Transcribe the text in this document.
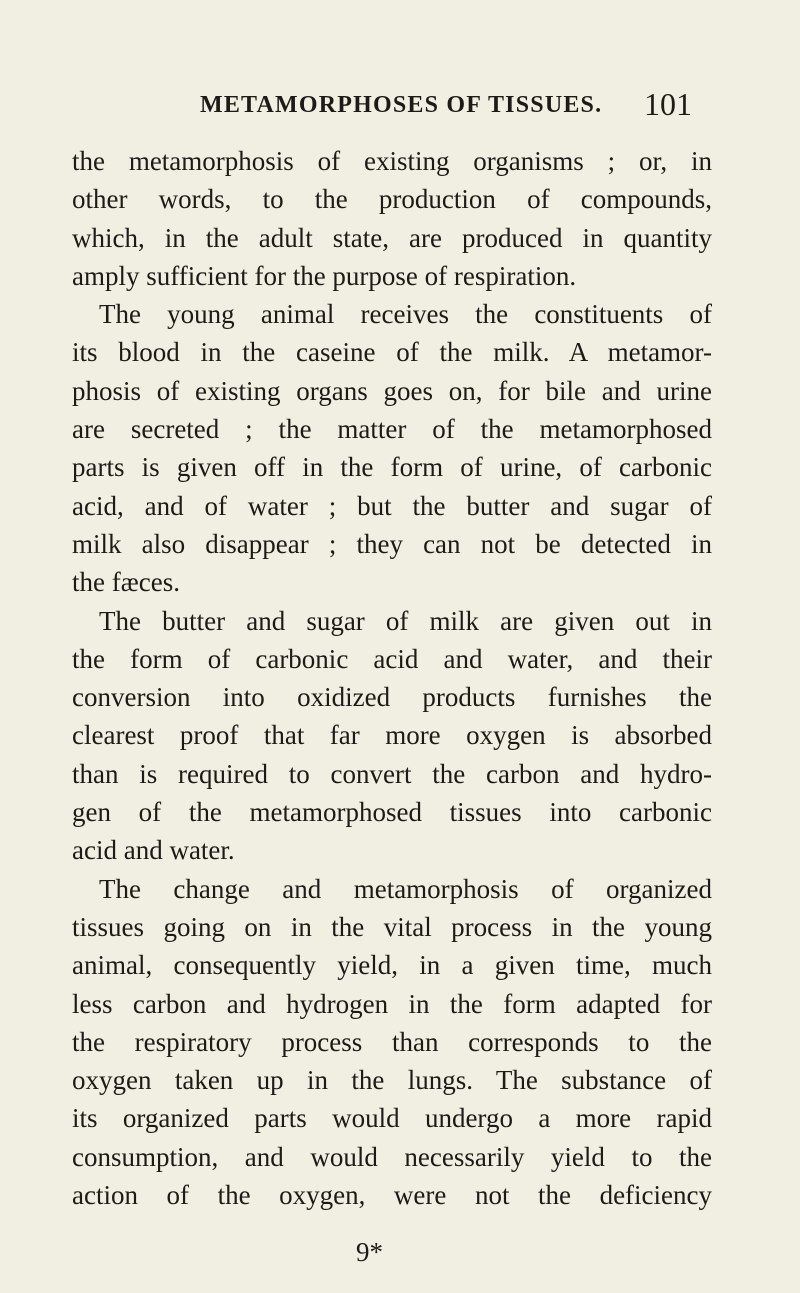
METAMORPHOSES OF TISSUES. 101
the metamorphosis of existing organisms ; or, in
other words, to the production of compounds,
which, in the adult state, are produced in quantity
amply sufficient for the purpose of respiration.
The young animal receives the constituents of
its blood in the caseine of the milk. A metamor-
phosis of existing organs goes on, for bile and urine
are secreted ; the matter of the metamorphosed
parts is given off in the form of urine, of carbonic
acid, and of water ; but the butter and sugar of
milk also disappear ; they can not be detected in
the fæces.
The butter and sugar of milk are given out in
the form of carbonic acid and water, and their
conversion into oxidized products furnishes the
clearest proof that far more oxygen is absorbed
than is required to convert the carbon and hydro-
gen of the metamorphosed tissues into carbonic
acid and water.
The change and metamorphosis of organized
tissues going on in the vital process in the young
animal, consequently yield, in a given time, much
less carbon and hydrogen in the form adapted for
the respiratory process than corresponds to the
oxygen taken up in the lungs. The substance of
its organized parts would undergo a more rapid
consumption, and would necessarily yield to the
action of the oxygen, were not the deficiency
9*
